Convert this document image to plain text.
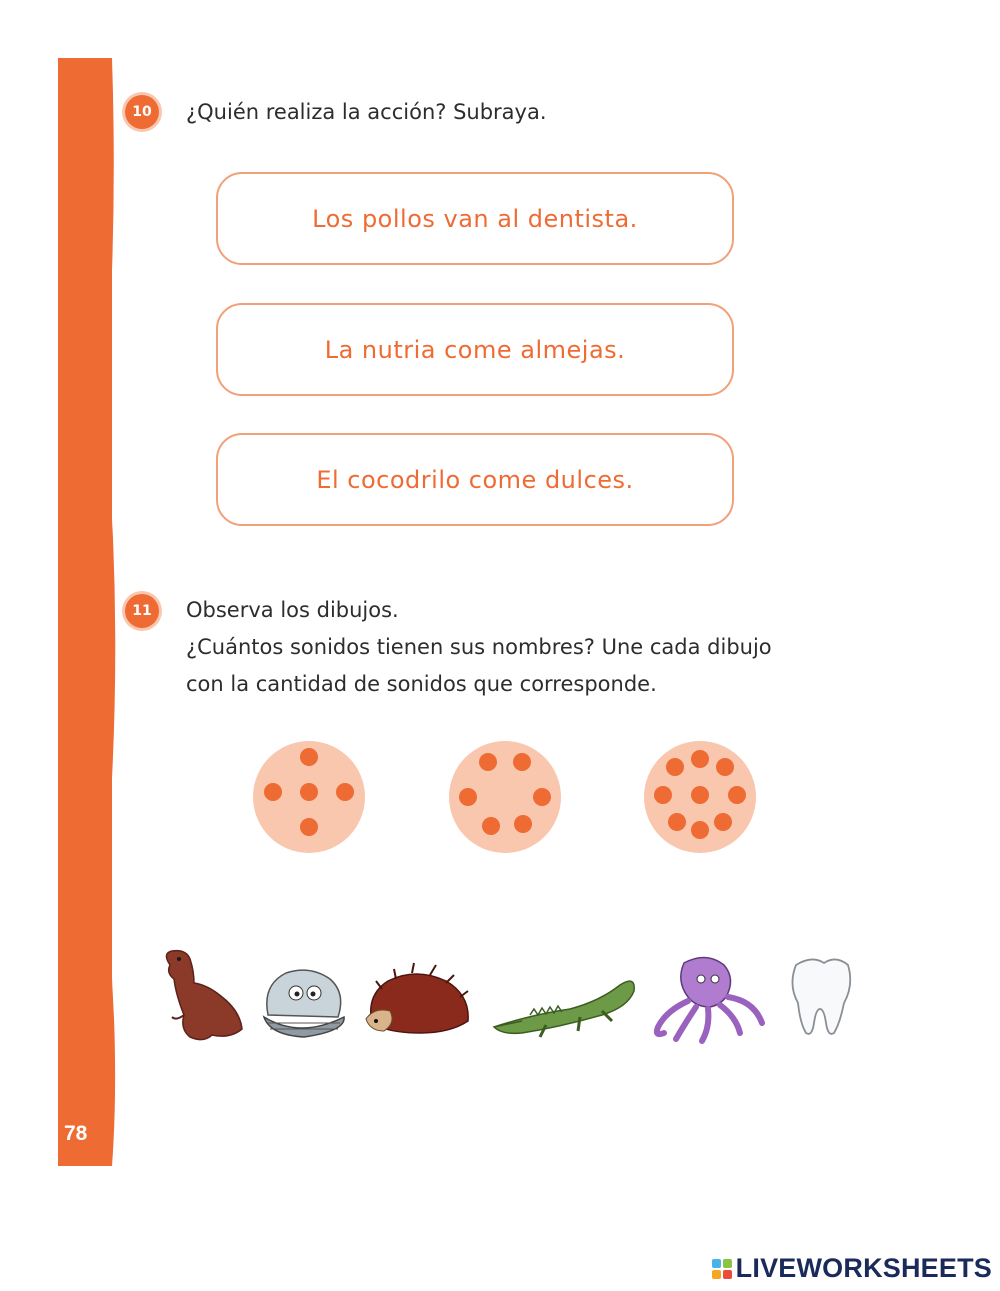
78
10	¿Quién realiza la acción? Subraya.

Los pollos van al dentista.
La nutria come almejas.
El cocodrilo come dulces.
11	Observa los dibujos.

¿Cuántos sonidos tienen sus nombres? Une cada dibujo

con la cantidad de sonidos que corresponde.

LIVEWORKSHEETS
